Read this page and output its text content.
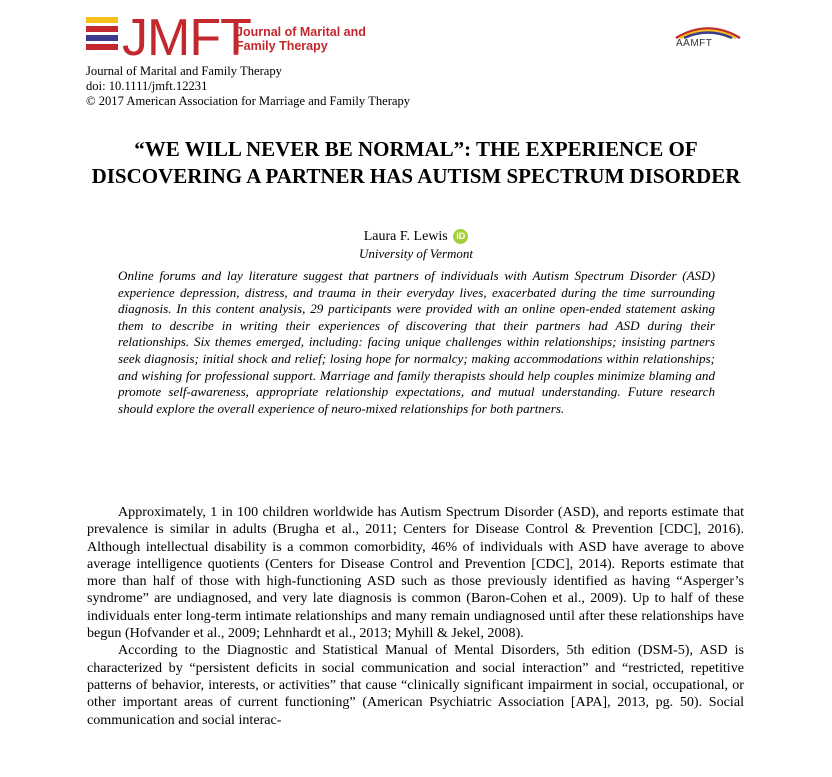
JMFT
Journal of Marital and Family Therapy	AAMFT
Journal of Marital and Family Therapy
doi: 10.1111/jmft.12231
© 2017 American Association for Marriage and Family Therapy
“WE WILL NEVER BE NORMAL”: THE EXPERIENCE OF DISCOVERING A PARTNER HAS AUTISM SPECTRUM DISORDER
Laura F. Lewis iD
University of Vermont

Online forums and lay literature suggest that partners of individuals with Autism Spectrum Disorder (ASD) experience depression, distress, and trauma in their everyday lives, exacerbated during the time surrounding diagnosis. In this content analysis, 29 participants were provided with an online open-ended statement asking them to describe in writing their experiences of discovering that their partners had ASD during their relationships. Six themes emerged, including: facing unique challenges within relationships; insisting partners seek diagnosis; initial shock and relief; losing hope for normalcy; making accommodations within relationships; and wishing for professional support. Marriage and family therapists should help couples minimize blaming and promote self-awareness, appropriate relationship expectations, and mutual understanding. Future research should explore the overall experience of neuro-mixed relationships for both partners.

Approximately, 1 in 100 children worldwide has Autism Spectrum Disorder (ASD), and reports estimate that prevalence is similar in adults (Brugha et al., 2011; Centers for Disease Control & Prevention [CDC], 2016). Although intellectual disability is a common comorbidity, 46% of individuals with ASD have average to above average intelligence quotients (Centers for Disease Control and Prevention [CDC], 2014). Reports estimate that more than half of those with high-functioning ASD such as those previously identified as having “Asperger’s syndrome” are undiagnosed, and very late diagnosis is common (Baron-Cohen et al., 2009). Up to half of these individuals enter long-term intimate relationships and many remain undiagnosed until after these relationships have begun (Hofvander et al., 2009; Lehnhardt et al., 2013; Myhill & Jekel, 2008).

According to the Diagnostic and Statistical Manual of Mental Disorders, 5th edition (DSM-5), ASD is characterized by “persistent deficits in social communication and social interaction” and “restricted, repetitive patterns of behavior, interests, or activities” that cause “clinically significant impairment in social, occupational, or other important areas of current functioning” (American Psychiatric Association [APA], 2013, pg. 50). Social communication and social interac-
